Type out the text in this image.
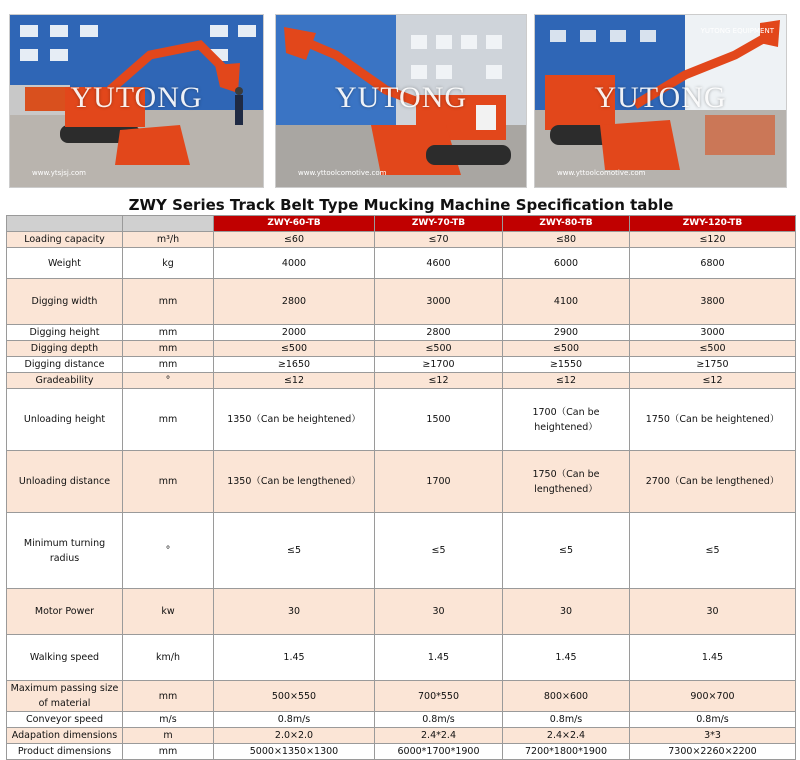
YUTONG
www.ytsjsj.com
YUTONG
www.yttoolcomotive.com
YUTONG
www.yttoolcomotive.com
YUTONG EQUIPMENT
ZWY Series Track Belt Type Mucking Machine Specification table
		ZWY-60-TB	ZWY-70-TB	ZWY-80-TB	ZWY-120-TB
Loading capacity	m³/h	≤60	≤70	≤80	≤120
Weight	kg	4000	4600	6000	6800
Digging width	mm	2800	3000	4100	3800
Digging height	mm	2000	2800	2900	3000
Digging depth	mm	≤500	≤500	≤500	≤500
Digging distance	mm	≥1650	≥1700	≥1550	≥1750
Gradeability	°	≤12	≤12	≤12	≤12
Unloading height	mm	1350（Can be heightened）	1500	1700（Can be heightened）	1750（Can be heightened）
Unloading distance	mm	1350（Can be lengthened）	1700	1750（Can be lengthened）	2700（Can be lengthened）
Minimum turning radius	°	≤5	≤5	≤5	≤5
Motor Power	kw	30	30	30	30
Walking speed	km/h	1.45	1.45	1.45	1.45
Maximum passing size of material	mm	500×550	700*550	800×600	900×700
Conveyor speed	m/s	0.8m/s	0.8m/s	0.8m/s	0.8m/s
Adapation dimensions	m	2.0×2.0	2.4*2.4	2.4×2.4	3*3
Product dimensions	mm	5000×1350×1300	6000*1700*1900	7200*1800*1900	7300×2260×2200
